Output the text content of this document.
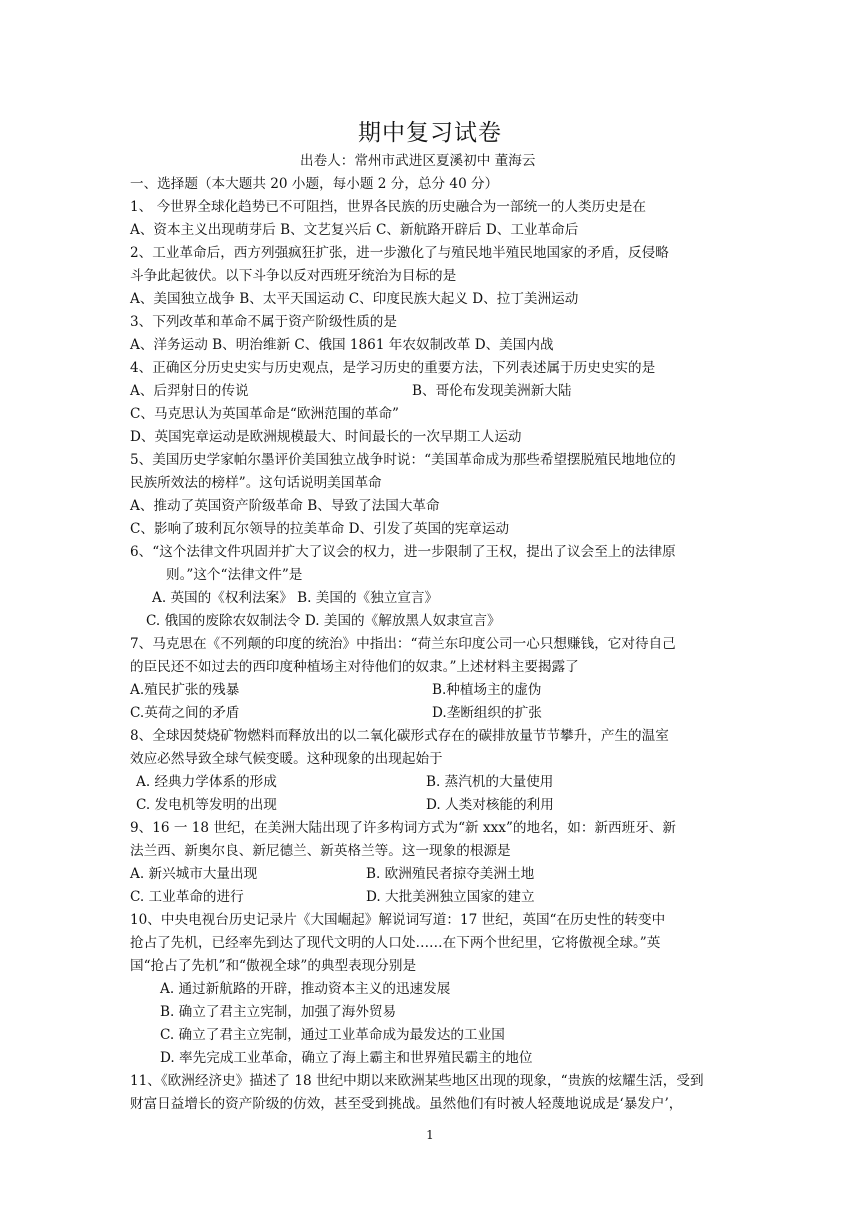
期中复习试卷
出卷人：常州市武进区夏溪初中 董海云
一、选择题（本大题共 20 小题，每小题 2 分，总分 40 分）
1、 今世界全球化趋势已不可阻挡，世界各民族的历史融合为一部统一的人类历史是在
A、资本主义出现萌芽后 B、文艺复兴后 C、新航路开辟后 D、工业革命后
2、工业革命后，西方列强疯狂扩张，进一步激化了与殖民地半殖民地国家的矛盾，反侵略
斗争此起彼伏。以下斗争以反对西班牙统治为目标的是
A、美国独立战争 B、太平天国运动 C、印度民族大起义 D、拉丁美洲运动
3、下列改革和革命不属于资产阶级性质的是
A、洋务运动 B、明治维新 C、俄国 1861 年农奴制改革 D、美国内战
4、正确区分历史史实与历史观点，是学习历史的重要方法，下列表述属于历史史实的是
A、后羿射日的传说	B、哥伦布发现美洲新大陆
C、马克思认为英国革命是“欧洲范围的革命”
D、英国宪章运动是欧洲规模最大、时间最长的一次早期工人运动
5、美国历史学家帕尔墨评价美国独立战争时说：“美国革命成为那些希望摆脱殖民地地位的
民族所效法的榜样”。这句话说明美国革命
A、推动了英国资产阶级革命 B、导致了法国大革命
C、影响了玻利瓦尔领导的拉美革命 D、引发了英国的宪章运动
6、“这个法律文件巩固并扩大了议会的权力，进一步限制了王权，提出了议会至上的法律原
则。”这个“法律文件”是
A. 英国的《权利法案》 B. 美国的《独立宣言》
C. 俄国的废除农奴制法令 D. 美国的《解放黑人奴隶宣言》
7、马克思在《不列颠的印度的统治》中指出：“荷兰东印度公司一心只想赚钱，它对待自己
的臣民还不如过去的西印度种植场主对待他们的奴隶。”上述材料主要揭露了
A.殖民扩张的残暴	B.种植场主的虚伪
C.英荷之间的矛盾	D.垄断组织的扩张
8、全球因焚烧矿物燃料而释放出的以二氧化碳形式存在的碳排放量节节攀升，产生的温室
效应必然导致全球气候变暖。这种现象的出现起始于
A. 经典力学体系的形成	B. 蒸汽机的大量使用
C. 发电机等发明的出现	D. 人类对核能的利用
9、16 一 18 世纪，在美洲大陆出现了许多构词方式为“新 xxx”的地名，如：新西班牙、新
法兰西、新奥尔良、新尼德兰、新英格兰等。这一现象的根源是
A. 新兴城市大量出现	B. 欧洲殖民者掠夺美洲土地
C. 工业革命的进行	D. 大批美洲独立国家的建立
10、中央电视台历史记录片《大国崛起》解说词写道：17 世纪，英国“在历史性的转变中
抢占了先机，已经率先到达了现代文明的人口处……在下两个世纪里，它将傲视全球。”英
国“抢占了先机”和“傲视全球”的典型表现分别是
A. 通过新航路的开辟，推动资本主义的迅速发展
B. 确立了君主立宪制，加强了海外贸易
C. 确立了君主立宪制，通过工业革命成为最发达的工业国
D. 率先完成工业革命，确立了海上霸主和世界殖民霸主的地位
11、《欧洲经济史》描述了 18 世纪中期以来欧洲某些地区出现的现象，“贵族的炫耀生活，受到
财富日益增长的资产阶级的仿效，甚至受到挑战。虽然他们有时被人轻蔑地说成是‘暴发户’，
1
